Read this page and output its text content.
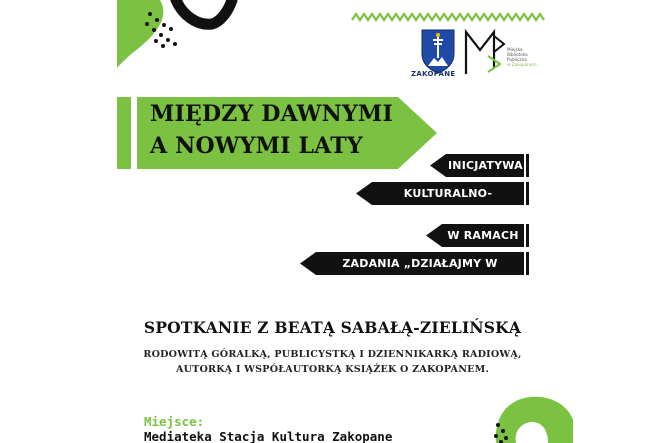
ZAKOPANE
Miejska
Biblioteka
Publiczna
w Zakopanem
MIĘDZY DAWNYMI
A NOWYMI LATY
INICJATYWA
KULTURALNO-EDUKACYJNA
W RAMACH
ZADANIA „DZIAŁAJMY W BIBLIOTECE”
SPOTKANIE Z BEATĄ SABAŁĄ-ZIELIŃSKĄ
RODOWITĄ GÓRALKĄ, PUBLICYSTKĄ I DZIENNIKARKĄ RADIOWĄ,
AUTORKĄ I WSPÓŁAUTORKĄ KSIĄŻEK O ZAKOPANEM.
Miejsce:
Mediateka Stacja Kultura Zakopane
